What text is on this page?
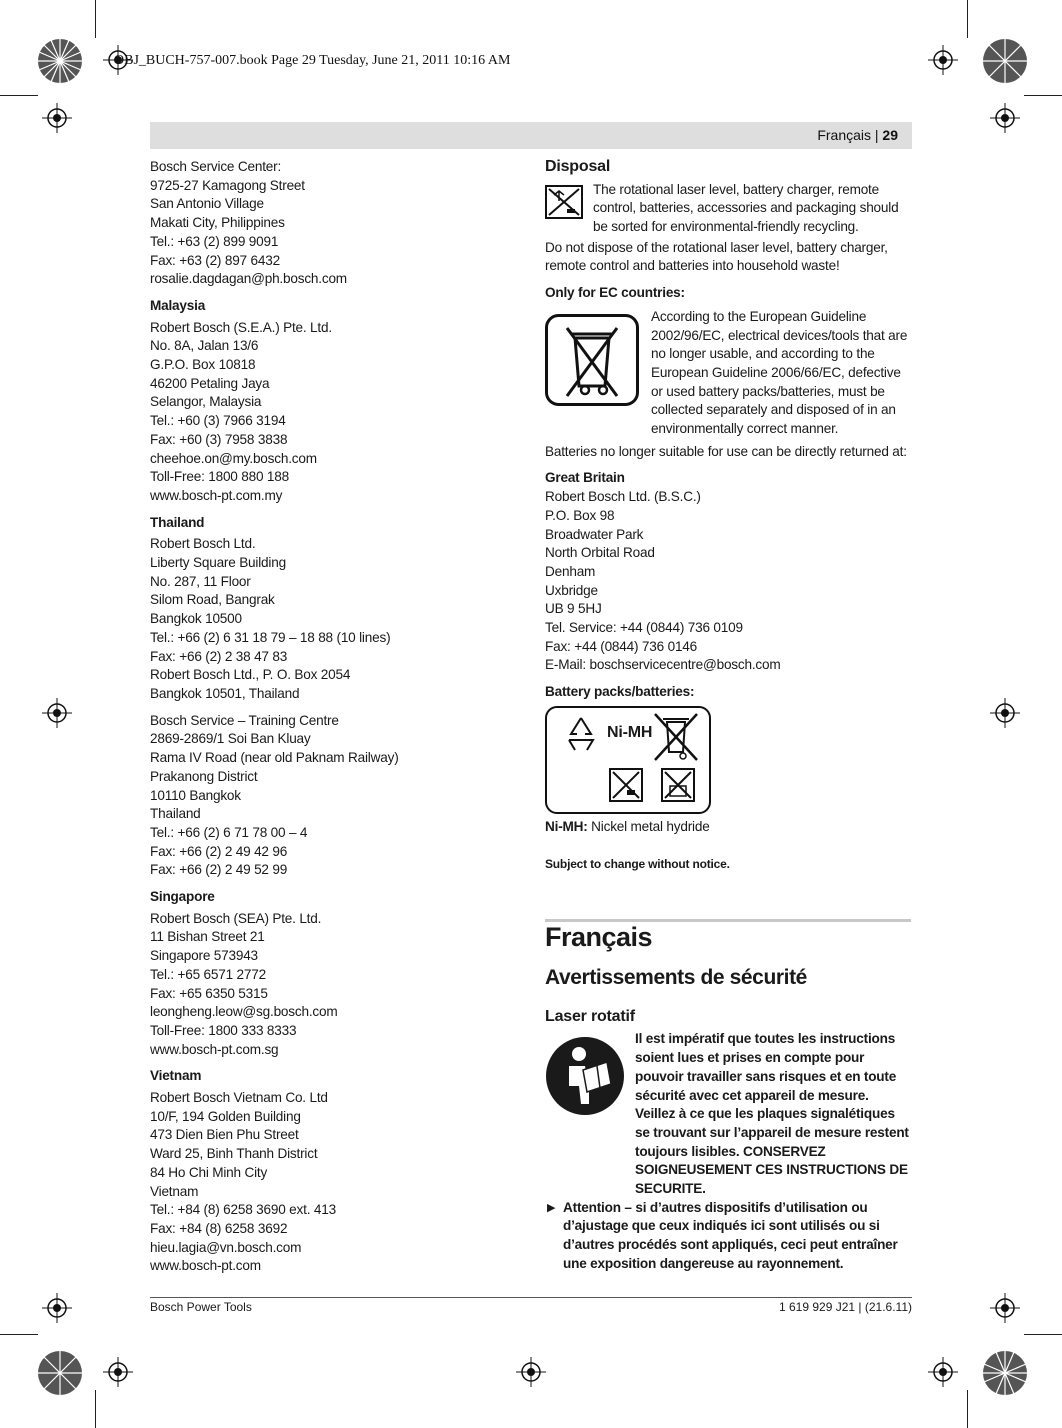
OBJ_BUCH-757-007.book Page 29 Tuesday, June 21, 2011 10:16 AM
Français | 29
Bosch Service Center:
9725-27 Kamagong Street
San Antonio Village
Makati City, Philippines
Tel.: +63 (2) 899 9091
Fax: +63 (2) 897 6432
rosalie.dagdagan@ph.bosch.com
Malaysia
Robert Bosch (S.E.A.) Pte. Ltd.
No. 8A, Jalan 13/6
G.P.O. Box 10818
46200 Petaling Jaya
Selangor, Malaysia
Tel.: +60 (3) 7966 3194
Fax: +60 (3) 7958 3838
cheehoe.on@my.bosch.com
Toll-Free: 1800 880 188
www.bosch-pt.com.my
Thailand
Robert Bosch Ltd.
Liberty Square Building
No. 287, 11 Floor
Silom Road, Bangrak
Bangkok 10500
Tel.: +66 (2) 6 31 18 79 – 18 88 (10 lines)
Fax: +66 (2) 2 38 47 83
Robert Bosch Ltd., P. O. Box 2054
Bangkok 10501, Thailand
Bosch Service – Training Centre
2869-2869/1 Soi Ban Kluay
Rama IV Road (near old Paknam Railway)
Prakanong District
10110 Bangkok
Thailand
Tel.: +66 (2) 6 71 78 00 – 4
Fax: +66 (2) 2 49 42 96
Fax: +66 (2) 2 49 52 99
Singapore
Robert Bosch (SEA) Pte. Ltd.
11 Bishan Street 21
Singapore 573943
Tel.: +65 6571 2772
Fax: +65 6350 5315
leongheng.leow@sg.bosch.com
Toll-Free: 1800 333 8333
www.bosch-pt.com.sg
Vietnam
Robert Bosch Vietnam Co. Ltd
10/F, 194 Golden Building
473 Dien Bien Phu Street
Ward 25, Binh Thanh District
84 Ho Chi Minh City
Vietnam
Tel.: +84 (8) 6258 3690 ext. 413
Fax: +84 (8) 6258 3692
hieu.lagia@vn.bosch.com
www.bosch-pt.com
Disposal
The rotational laser level, battery charger, remote control, batteries, accessories and packaging should be sorted for environmental-friendly recycling.
Do not dispose of the rotational laser level, battery charger, remote control and batteries into household waste!
Only for EC countries:
According to the European Guideline 2002/96/EC, electrical devices/tools that are no longer usable, and according to the European Guideline 2006/66/EC, defective or used battery packs/batteries, must be collected separately and disposed of in an environmentally correct manner.
Batteries no longer suitable for use can be directly returned at:
Great Britain
Robert Bosch Ltd. (B.S.C.)
P.O. Box 98
Broadwater Park
North Orbital Road
Denham
Uxbridge
UB 9 5HJ
Tel. Service: +44 (0844) 736 0109
Fax: +44 (0844) 736 0146
E-Mail: boschservicecentre@bosch.com
Battery packs/batteries:
Ni-MH
Ni-MH: Nickel metal hydride
Subject to change without notice.
Français
Avertissements de sécurité
Laser rotatif
Il est impératif que toutes les instructions soient lues et prises en compte pour pouvoir travailler sans risques et en toute sécurité avec cet appareil de mesure. Veillez à ce que les plaques signalétiques se trouvant sur l’appareil de mesure restent toujours lisibles. CONSERVEZ SOIGNEUSEMENT CES INSTRUCTIONS DE SECURITE.
▶ Attention – si d’autres dispositifs d’utilisation ou d’ajustage que ceux indiqués ici sont utilisés ou si d’autres procédés sont appliqués, ceci peut entraîner une exposition dangereuse au rayonnement.
Bosch Power Tools	1 619 929 J21 | (21.6.11)
